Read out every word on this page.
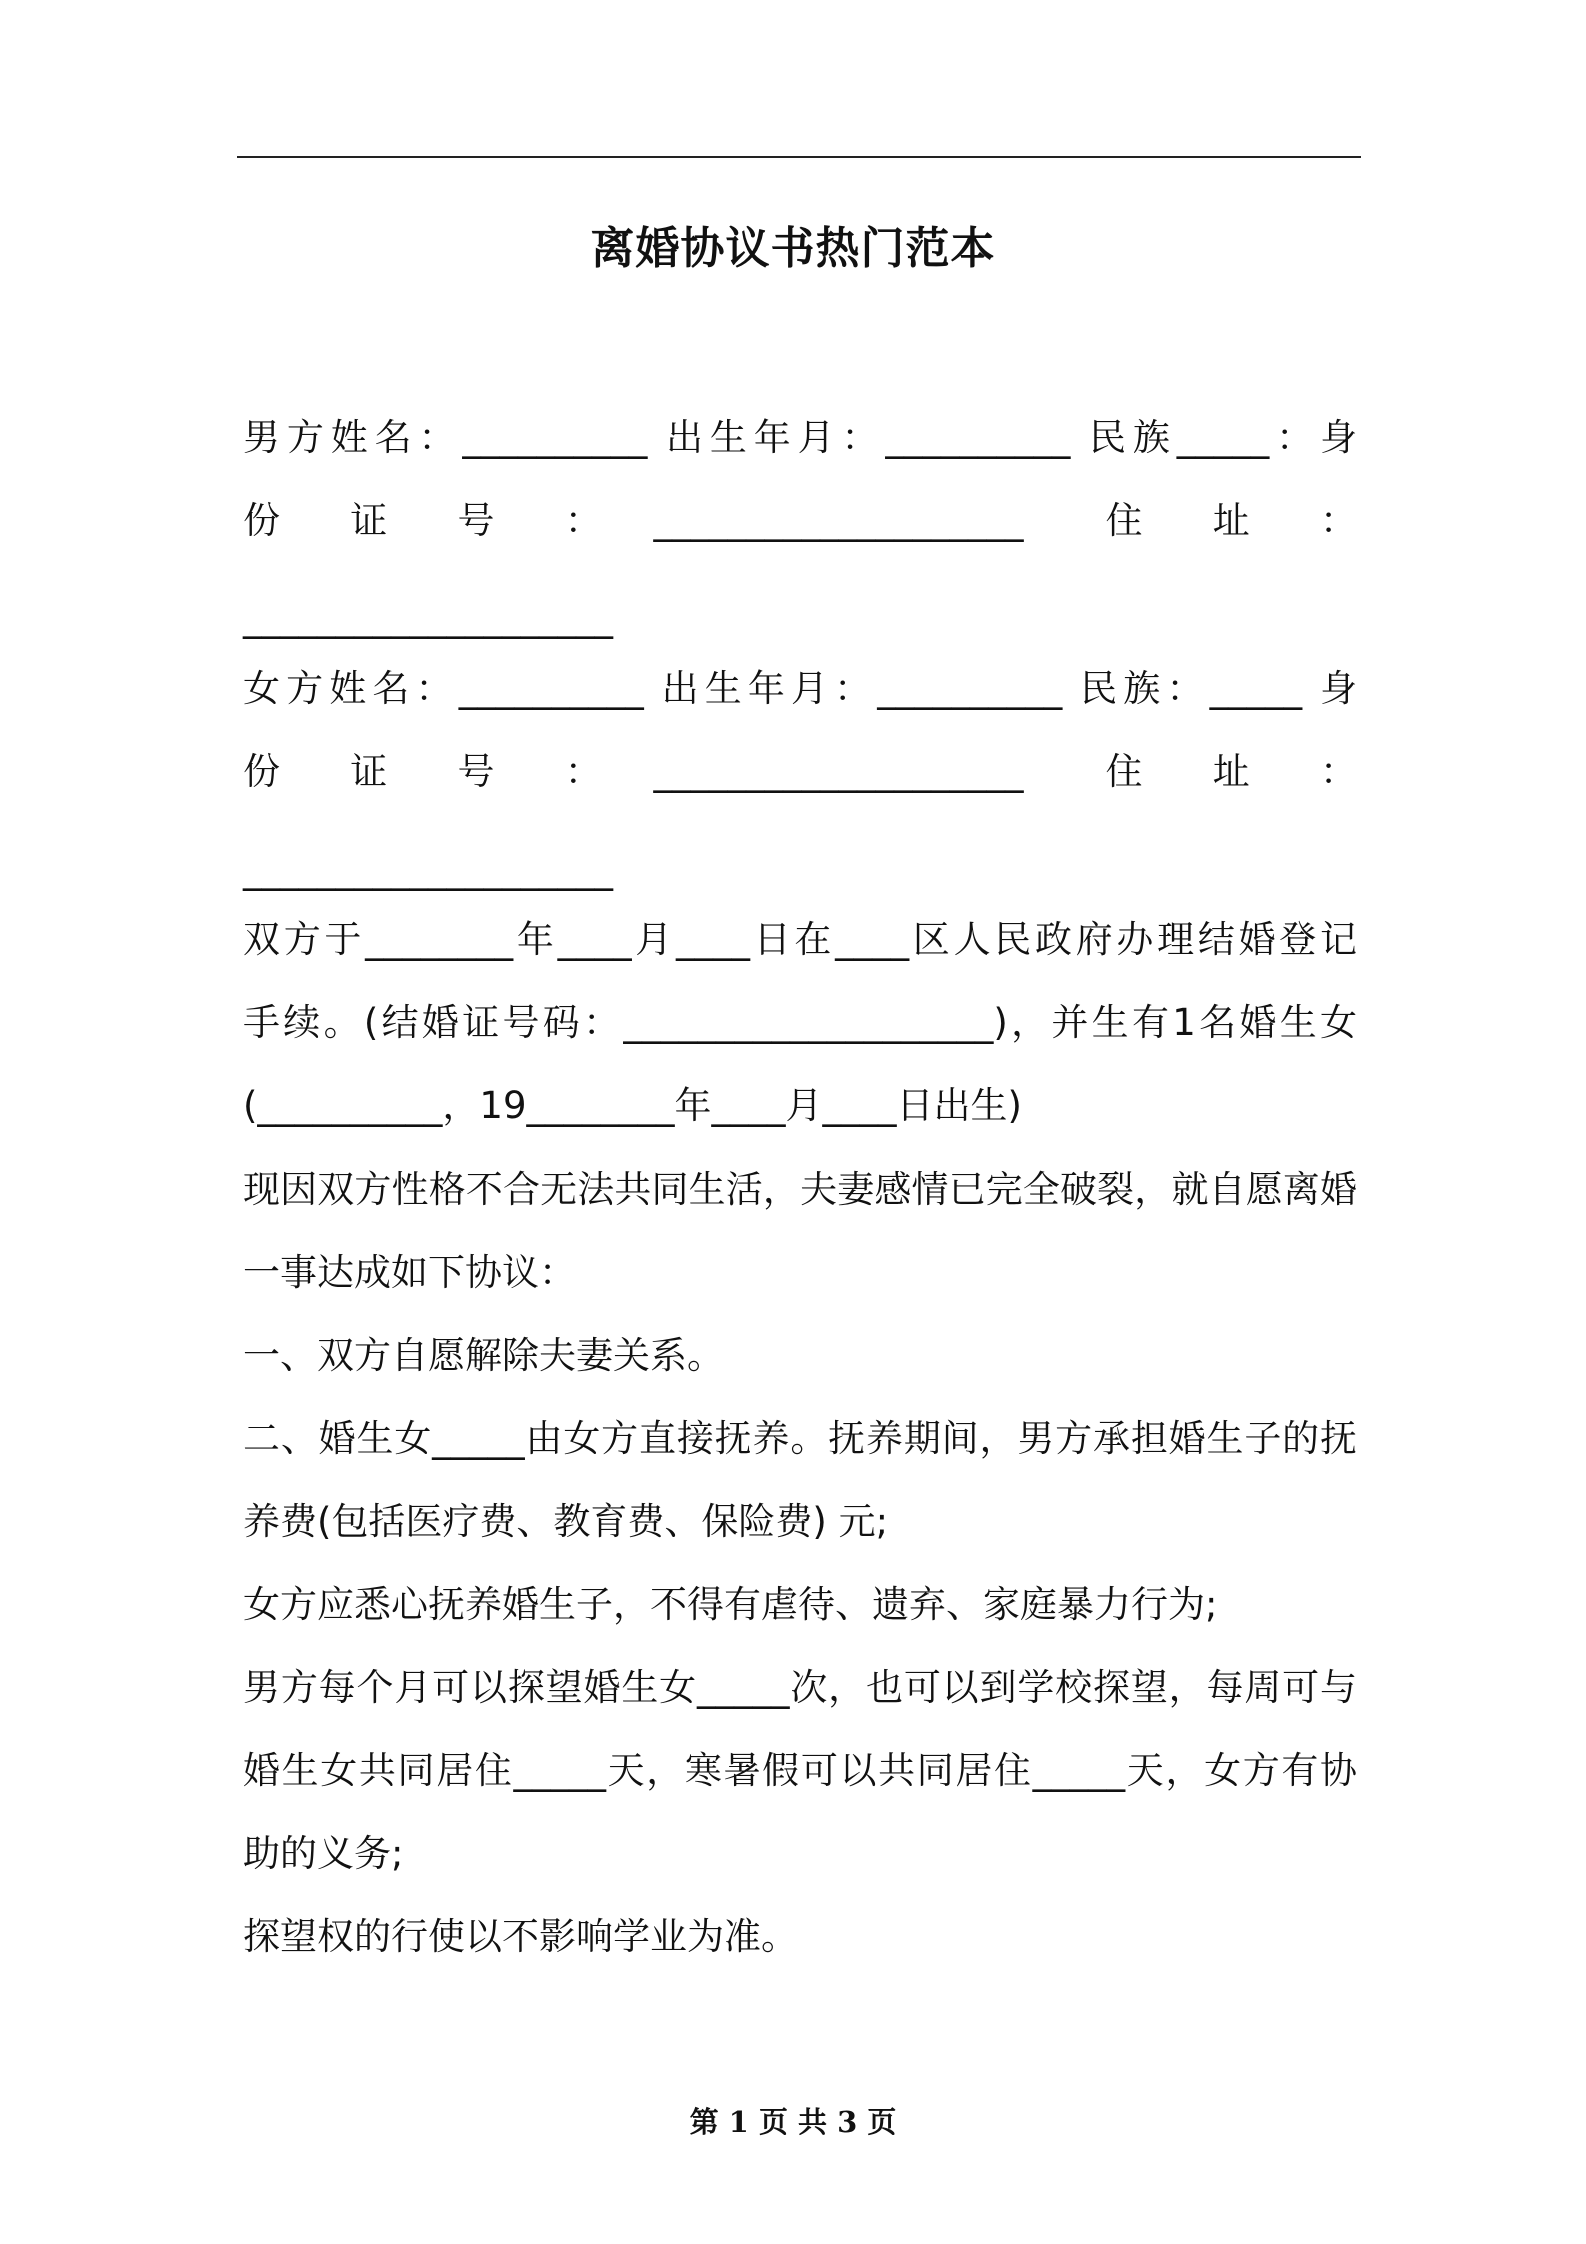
离婚协议书热门范本
男方姓名：__________ 出生年月：__________ 民族_____：身
份　证　号　：　____________________ 　住　址　：
____________________
女方姓名：__________ 出生年月：__________ 民族：_____ 身
份　证　号　：　____________________ 　住　址　：
____________________
双方于________年____月____日在____区人民政府办理结婚登记
手续。(结婚证号码：____________________)，并生有1名婚生女
(__________，19________年____月____日出生)
现因双方性格不合无法共同生活，夫妻感情已完全破裂，就自愿离婚
一事达成如下协议：
一、双方自愿解除夫妻关系。
二、婚生女_____由女方直接抚养。抚养期间，男方承担婚生子的抚
养费(包括医疗费、教育费、保险费) 元;
女方应悉心抚养婚生子，不得有虐待、遗弃、家庭暴力行为;
男方每个月可以探望婚生女_____次，也可以到学校探望，每周可与
婚生女共同居住_____天，寒暑假可以共同居住_____天，女方有协
助的义务;
探望权的行使以不影响学业为准。
第 1 页 共 3 页
